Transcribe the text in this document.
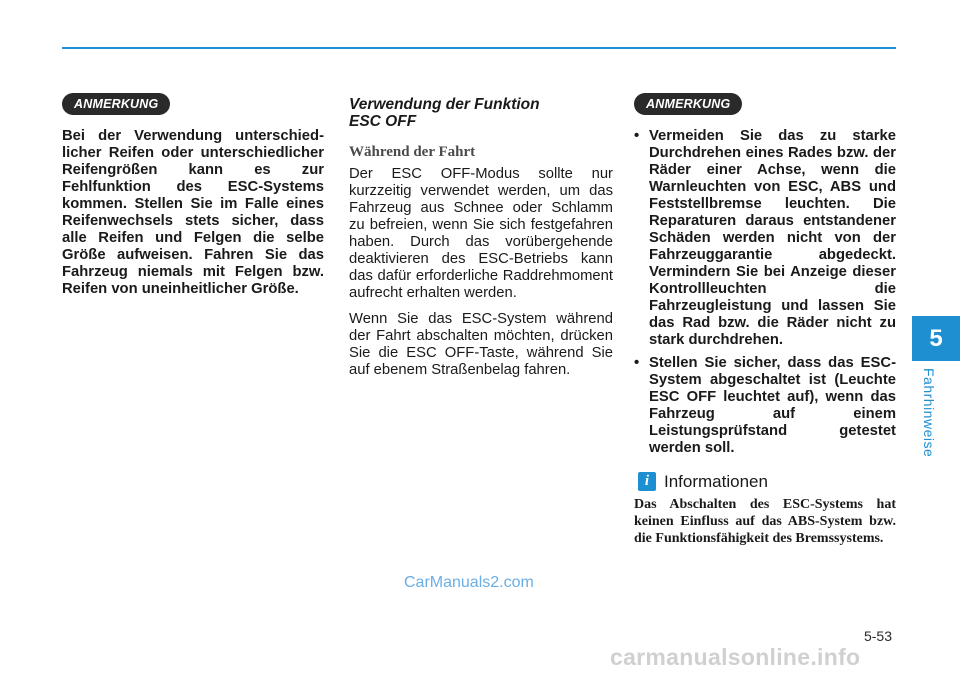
ANMERKUNG

Bei der Verwendung unterschiedlicher Reifen oder unterschiedlicher Reifengrößen kann es zur Fehlfunktion des ESC-Systems kommen. Stellen Sie im Falle eines Reifenwechsels stets sicher, dass alle Reifen und Felgen die selbe Größe aufweisen. Fahren Sie das Fahrzeug niemals mit Felgen bzw. Reifen von uneinheitlicher Größe.

Verwendung der Funktion

ESC OFF

Während der Fahrt

Der ESC OFF-Modus sollte nur kurzzeitig verwendet werden, um das Fahrzeug aus Schnee oder Schlamm zu befreien, wenn Sie sich festgefahren haben. Durch das vorübergehende deaktivieren des ESC-Betriebs kann das dafür erforderliche Raddrehmoment aufrecht erhalten werden.

Wenn Sie das ESC-System während der Fahrt abschalten möchten, drücken Sie die ESC OFF-Taste, während Sie auf ebenem Straßenbelag fahren.

ANMERKUNG
• Vermeiden Sie das zu starke Durchdrehen eines Rades bzw. der Räder einer Achse, wenn die Warnleuchten von ESC, ABS und Feststellbremse leuchten. Die Reparaturen daraus entstandener Schäden werden nicht von der Fahrzeuggarantie abgedeckt. Vermindern Sie bei Anzeige dieser Kontrollleuchten die Fahrzeugleistung und lassen Sie das Rad bzw. die Räder nicht zu stark durchdrehen.
• Stellen Sie sicher, dass das ESC-System abgeschaltet ist (Leuchte ESC OFF leuchtet auf), wenn das Fahrzeug auf einem Leistungsprüfstand getestet werden soll.
i Informationen

Das Abschalten des ESC-Systems hat keinen Einfluss auf das ABS-System bzw. die Funktionsfähigkeit des Bremssystems.

5
Fahrhinweise
5-53
CarManuals2.com
carmanualsonline.info
